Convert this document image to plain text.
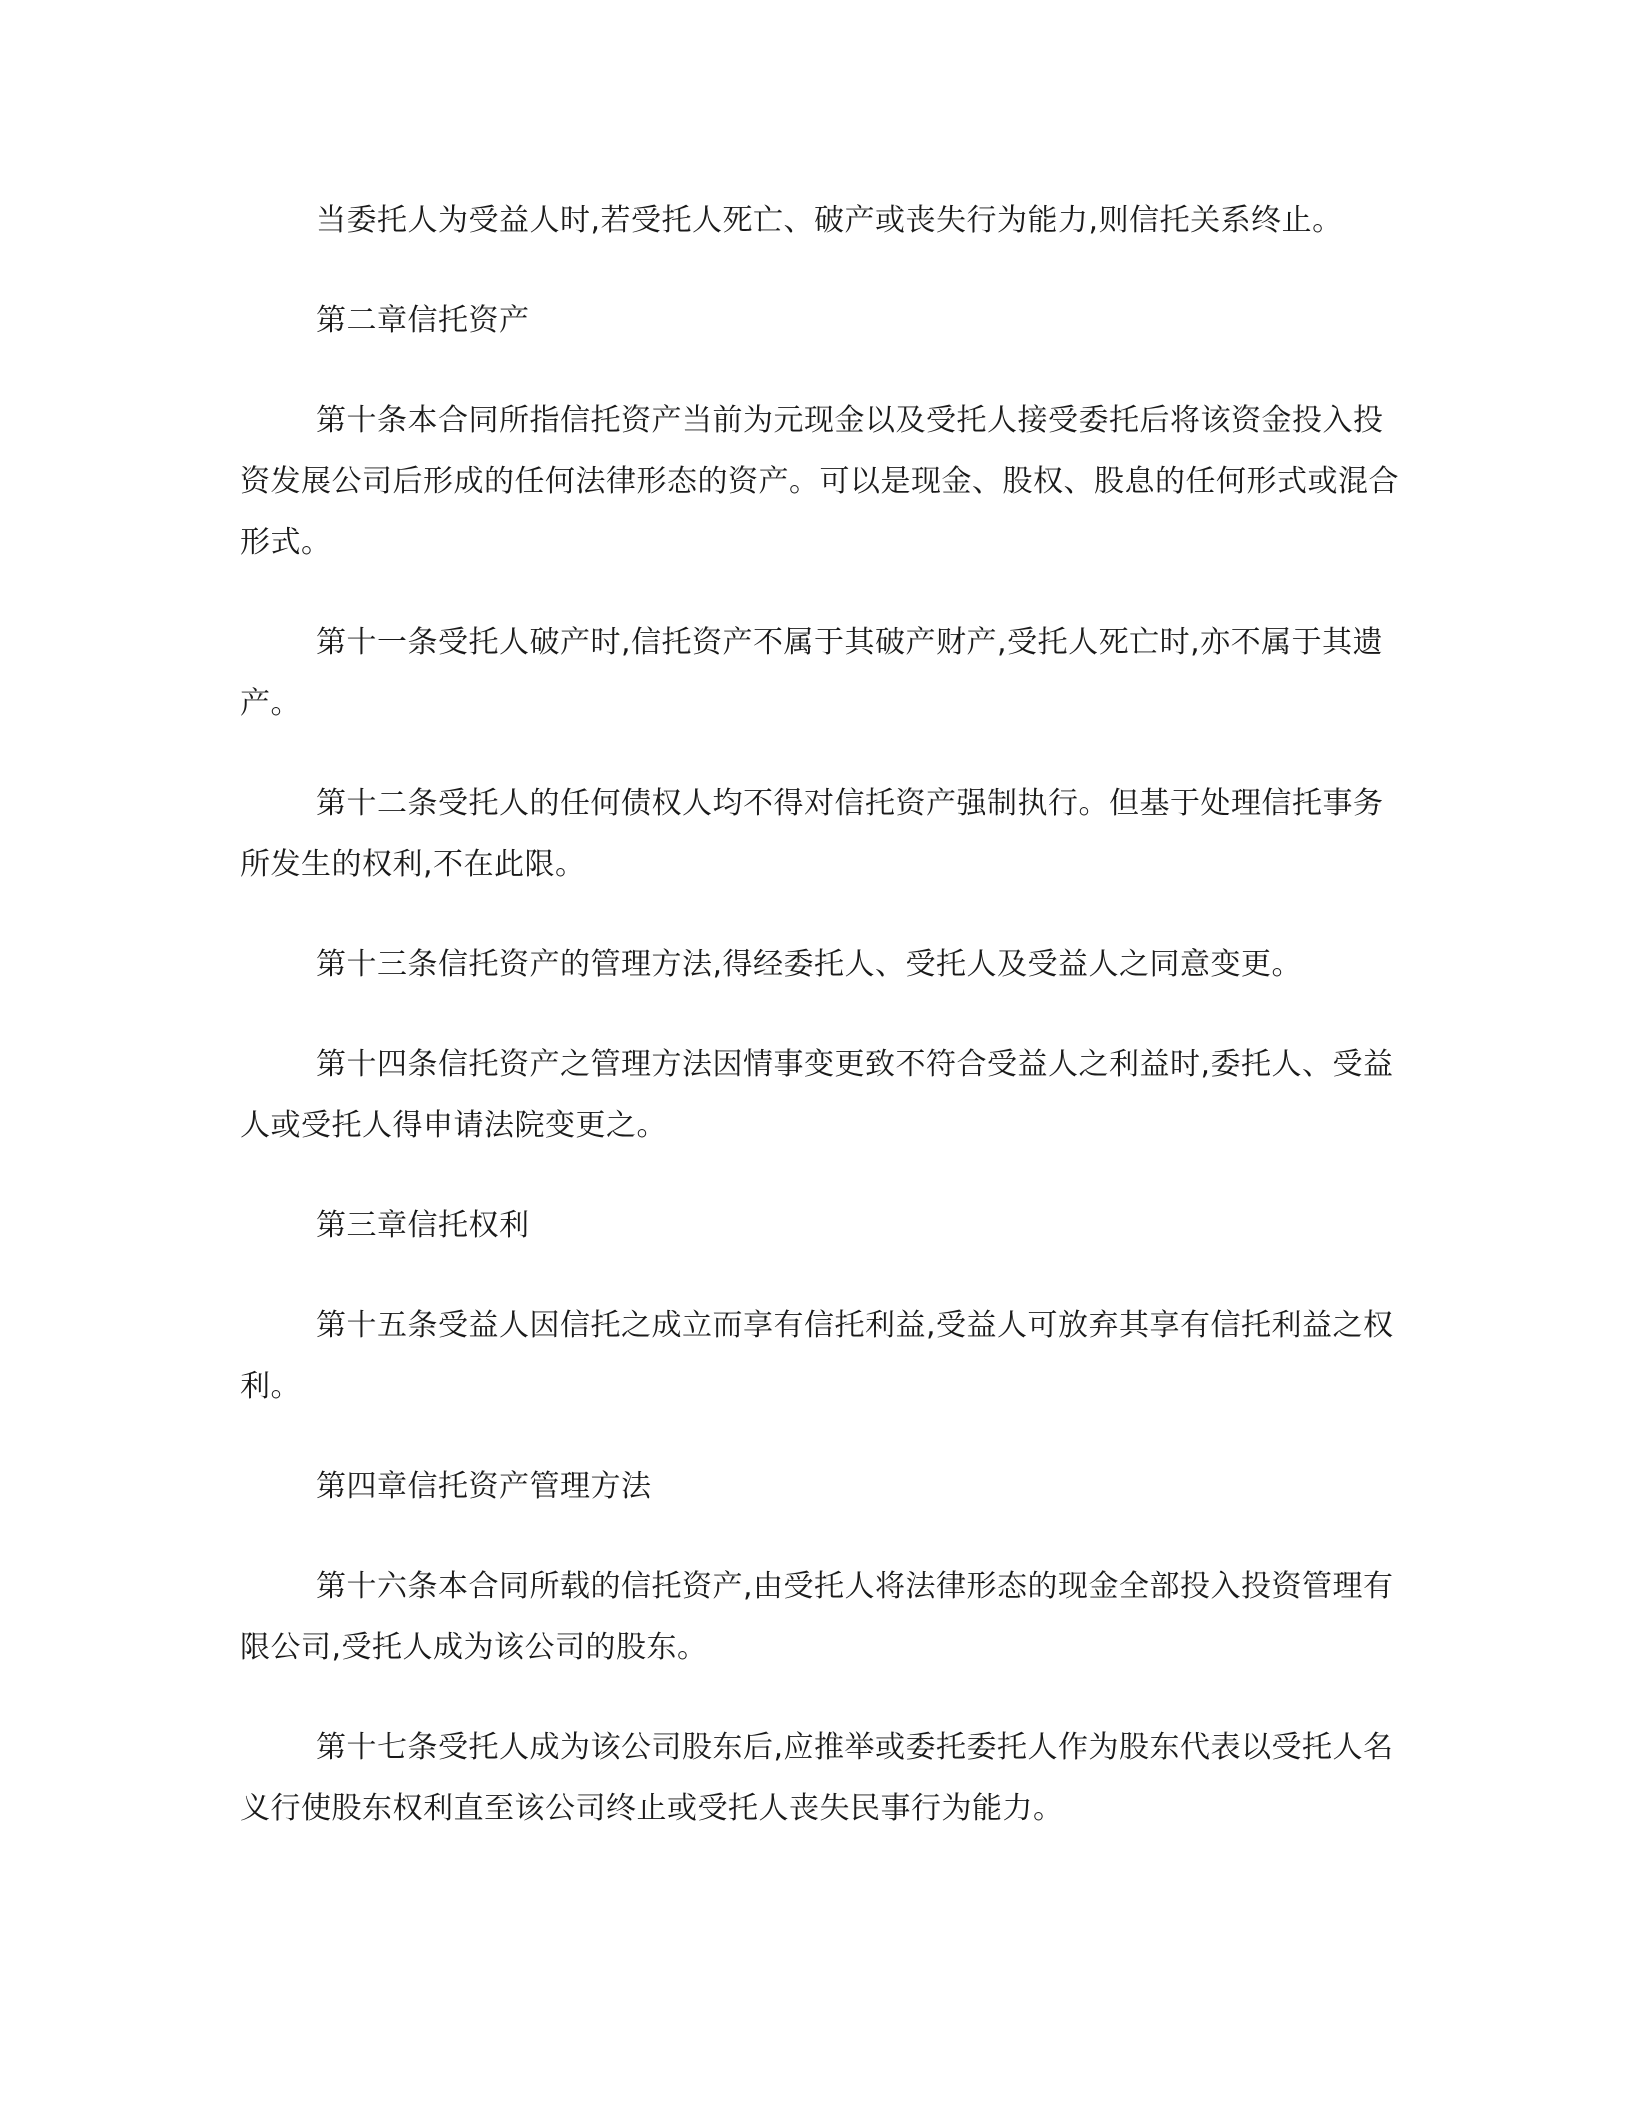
当委托人为受益人时,若受托人死亡、破产或丧失行为能力,则信托关系终止。

第二章信托资产

第十条本合同所指信托资产当前为元现金以及受托人接受委托后将该资金投入投资发展公司后形成的任何法律形态的资产。可以是现金、股权、股息的任何形式或混合形式。

第十一条受托人破产时,信托资产不属于其破产财产,受托人死亡时,亦不属于其遗产。

第十二条受托人的任何债权人均不得对信托资产强制执行。但基于处理信托事务所发生的权利,不在此限。

第十三条信托资产的管理方法,得经委托人、受托人及受益人之同意变更。

第十四条信托资产之管理方法因情事变更致不符合受益人之利益时,委托人、受益人或受托人得申请法院变更之。

第三章信托权利

第十五条受益人因信托之成立而享有信托利益,受益人可放弃其享有信托利益之权利。

第四章信托资产管理方法

第十六条本合同所载的信托资产,由受托人将法律形态的现金全部投入投资管理有限公司,受托人成为该公司的股东。

第十七条受托人成为该公司股东后,应推举或委托委托人作为股东代表以受托人名义行使股东权利直至该公司终止或受托人丧失民事行为能力。
